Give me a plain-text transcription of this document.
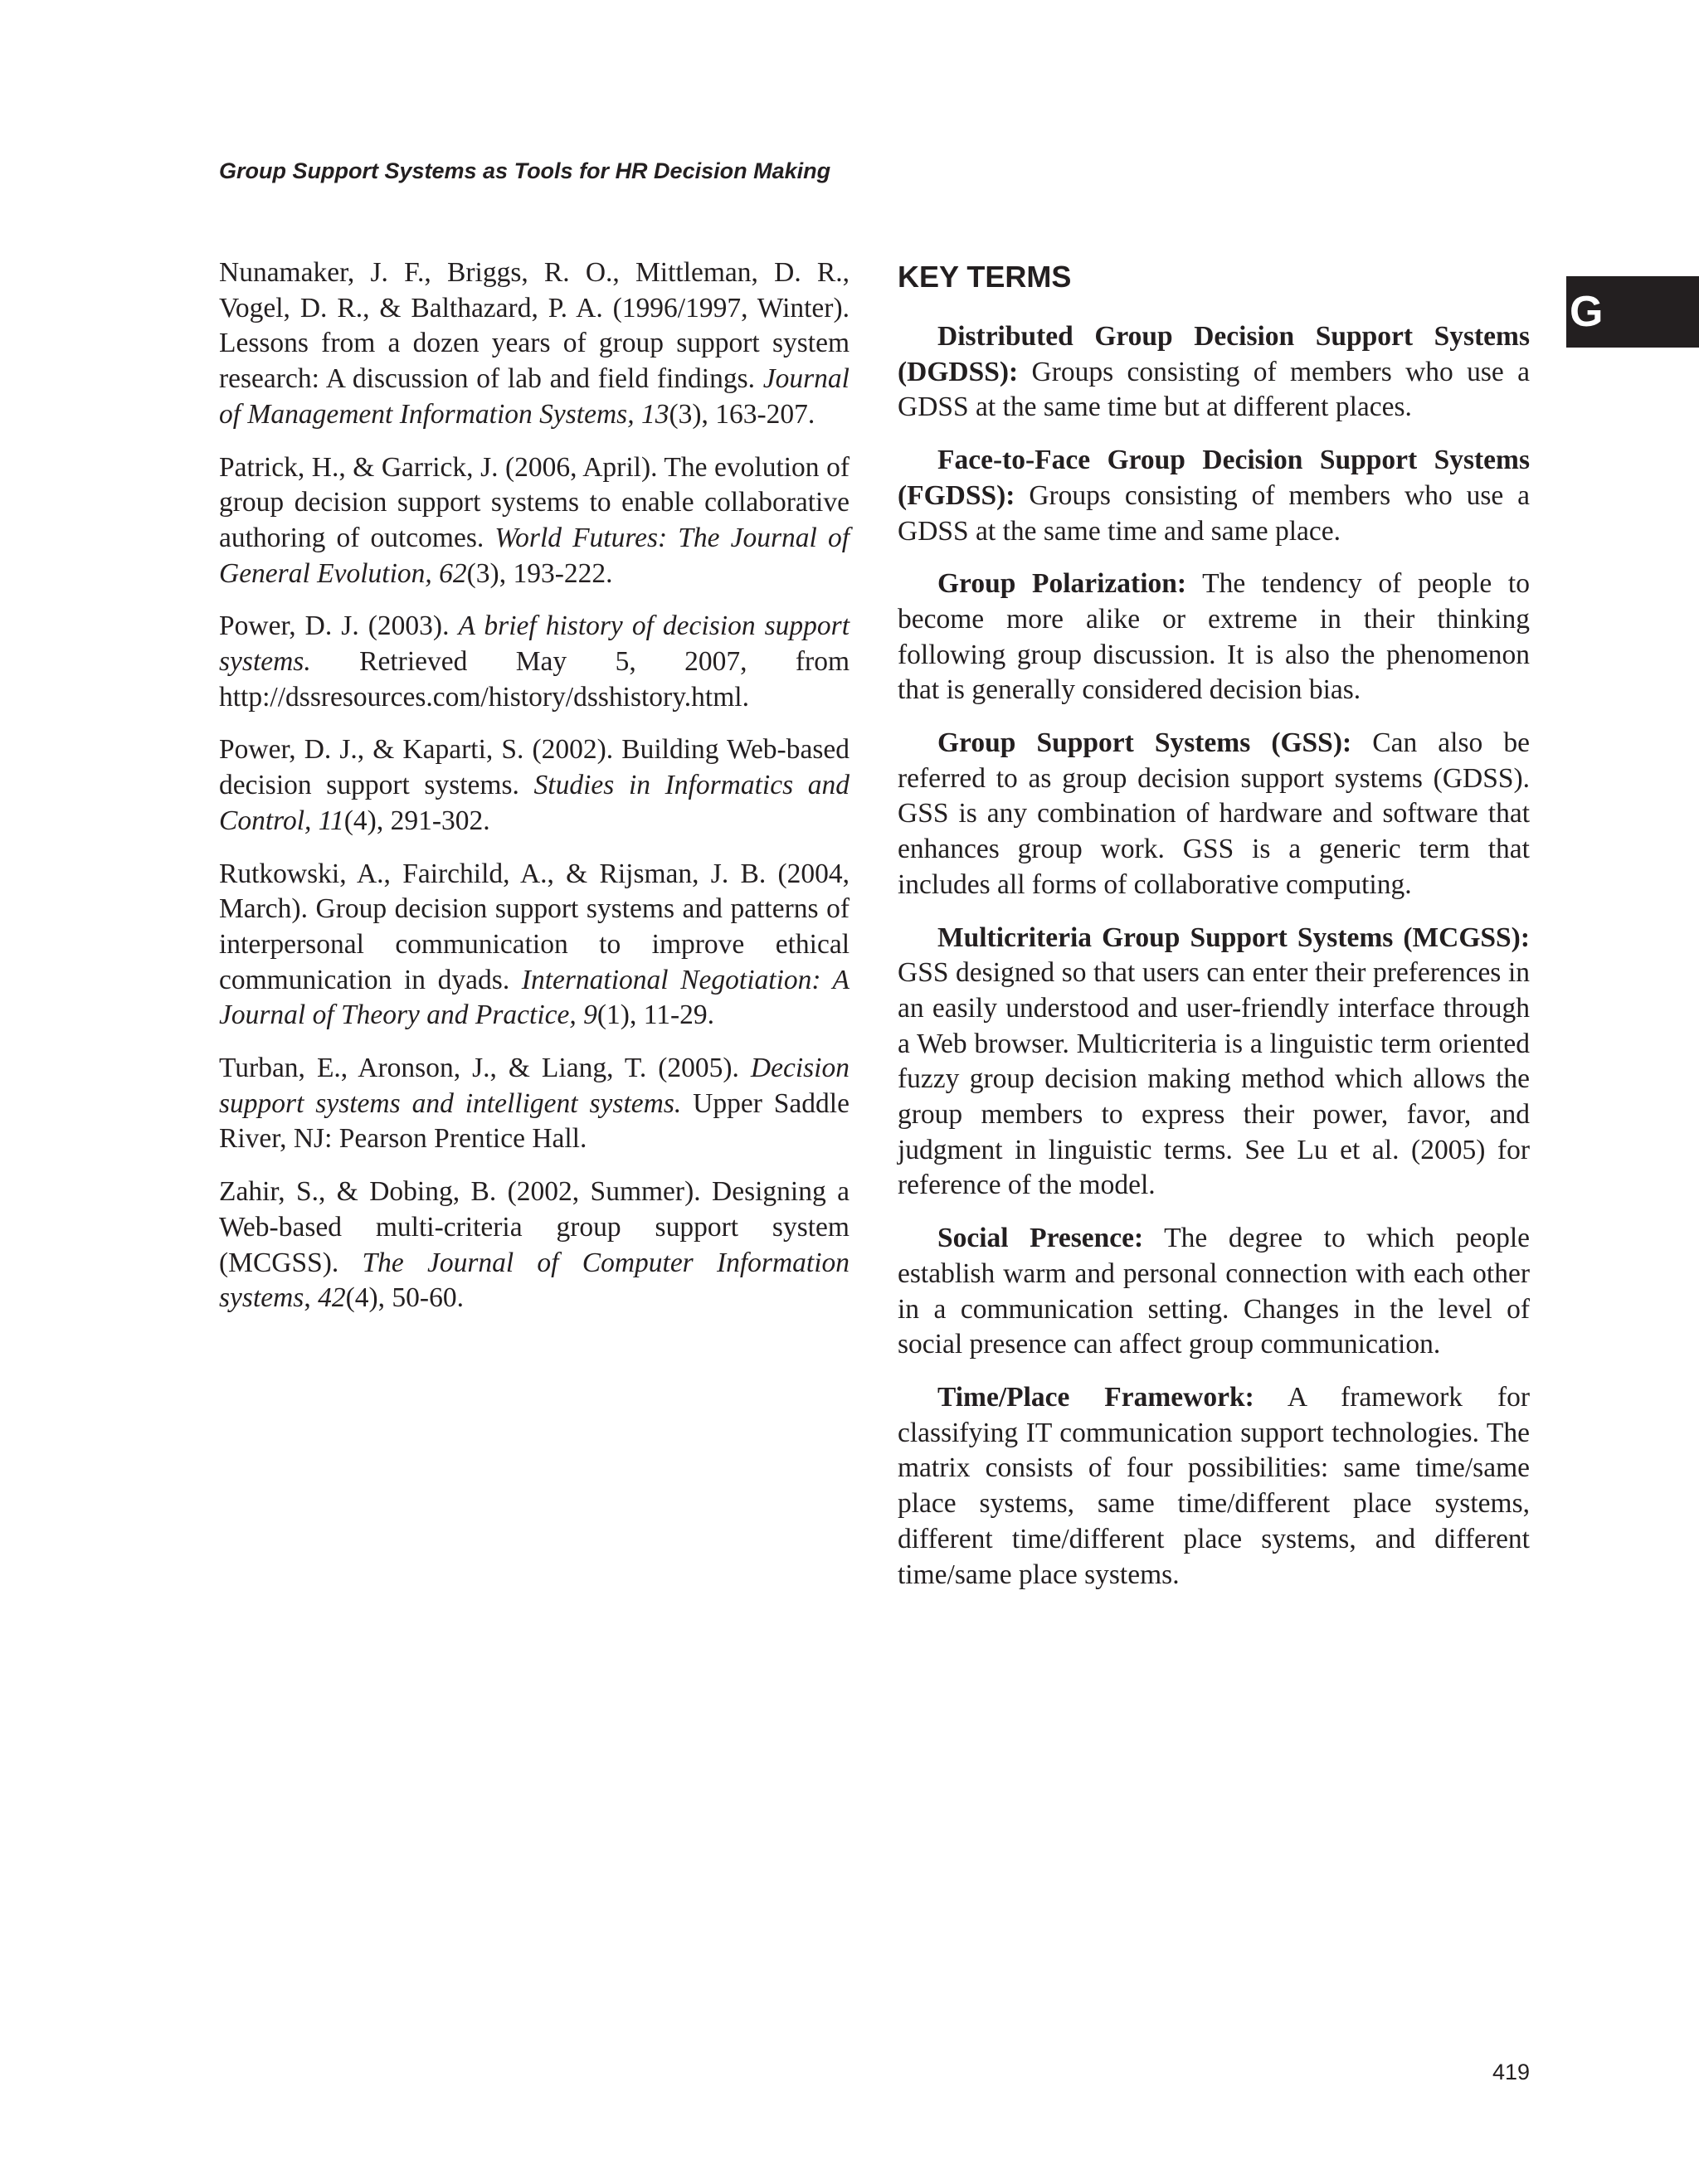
Group Support Systems as Tools for HR Decision Making
G

Nunamaker, J. F., Briggs, R. O., Mittleman, D. R., Vogel, D. R., & Balthazard, P. A. (1996/1997, Winter). Lessons from a dozen years of group support system research: A discussion of lab and field findings. Journal of Management Information Systems, 13(3), 163-207.

Patrick, H., & Garrick, J. (2006, April). The evolution of group decision support systems to enable collaborative authoring of outcomes. World Futures: The Journal of General Evolution, 62(3), 193-222.

Power, D. J. (2003). A brief history of decision support systems. Retrieved May 5, 2007, from http://dssresources.com/history/dsshistory.html.

Power, D. J., & Kaparti, S. (2002). Building Web-based decision support systems. Studies in Informatics and Control, 11(4), 291-302.

Rutkowski, A., Fairchild, A., & Rijsman, J. B. (2004, March). Group decision support systems and patterns of interpersonal communication to improve ethical communication in dyads. International Negotiation: A Journal of Theory and Practice, 9(1), 11-29.

Turban, E., Aronson, J., & Liang, T. (2005). Decision support systems and intelligent systems. Upper Saddle River, NJ: Pearson Prentice Hall.

Zahir, S., & Dobing, B. (2002, Summer). Designing a Web-based multi-criteria group support system (MCGSS). The Journal of Computer Information systems, 42(4), 50-60.

KEY TERMS

Distributed Group Decision Support Systems (DGDSS): Groups consisting of members who use a GDSS at the same time but at different places.

Face-to-Face Group Decision Support Systems (FGDSS): Groups consisting of members who use a GDSS at the same time and same place.

Group Polarization: The tendency of people to become more alike or extreme in their thinking following group discussion. It is also the phenomenon that is generally considered decision bias.

Group Support Systems (GSS): Can also be referred to as group decision support systems (GDSS). GSS is any combination of hardware and software that enhances group work. GSS is a generic term that includes all forms of collaborative computing.

Multicriteria Group Support Systems (MCGSS): GSS designed so that users can enter their preferences in an easily understood and user-friendly interface through a Web browser. Multicriteria is a linguistic term oriented fuzzy group decision making method which allows the group members to express their power, favor, and judgment in linguistic terms. See Lu et al. (2005) for reference of the model.

Social Presence: The degree to which people establish warm and personal connection with each other in a communication setting. Changes in the level of social presence can affect group communication.

Time/Place Framework: A framework for classifying IT communication support technologies. The matrix consists of four possibilities: same time/same place systems, same time/different place systems, different time/different place systems, and different time/same place systems.

419
